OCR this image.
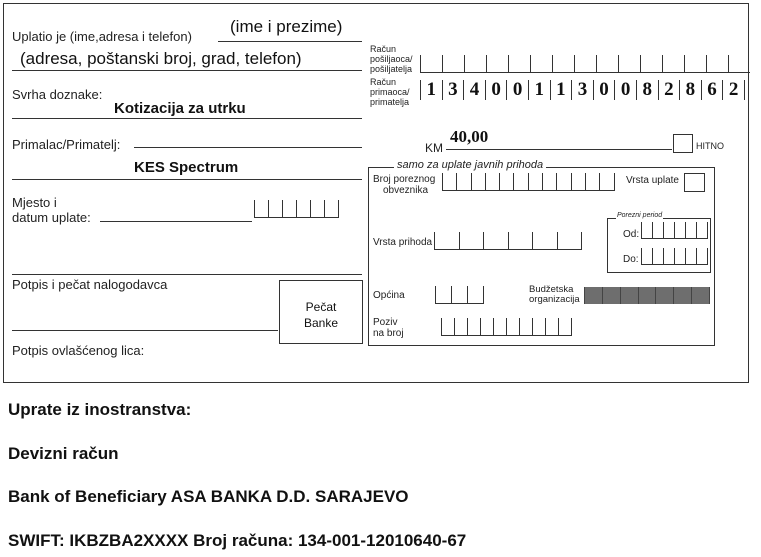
Uplatio je (ime,adresa i telefon)
(ime i prezime)
(adresa, poštanski broj, grad, telefon)
Svrha doznake:
Kotizacija za utrku
Primalac/Primatelj:
KES Spectrum
Mjesto i
datum uplate:
Potpis i pečat nalogodavca
Pečat
Banke
Potpis ovlašćenog lica:
Račun
pošiljaoca/
pošiljatelja
Račun
primaoca/
primatelja
1 3 4 0 0 1 1 3 0 0 8 2 8 6 2
KM
40,00	HITNO
samo za uplate javnih prihoda
Broj poreznog
obveznika
Vrsta uplate
Porezni period
Od:
Do:
Vrsta prihoda
Općina
Budžetska
organizacija
Poziv
na broj
Uprate iz inostranstva:
Devizni račun
Bank of Beneficiary ASA BANKA D.D. SARAJEVO
SWIFT: IKBZBA2XXXX Broj računa: 134-001-12010640-67
